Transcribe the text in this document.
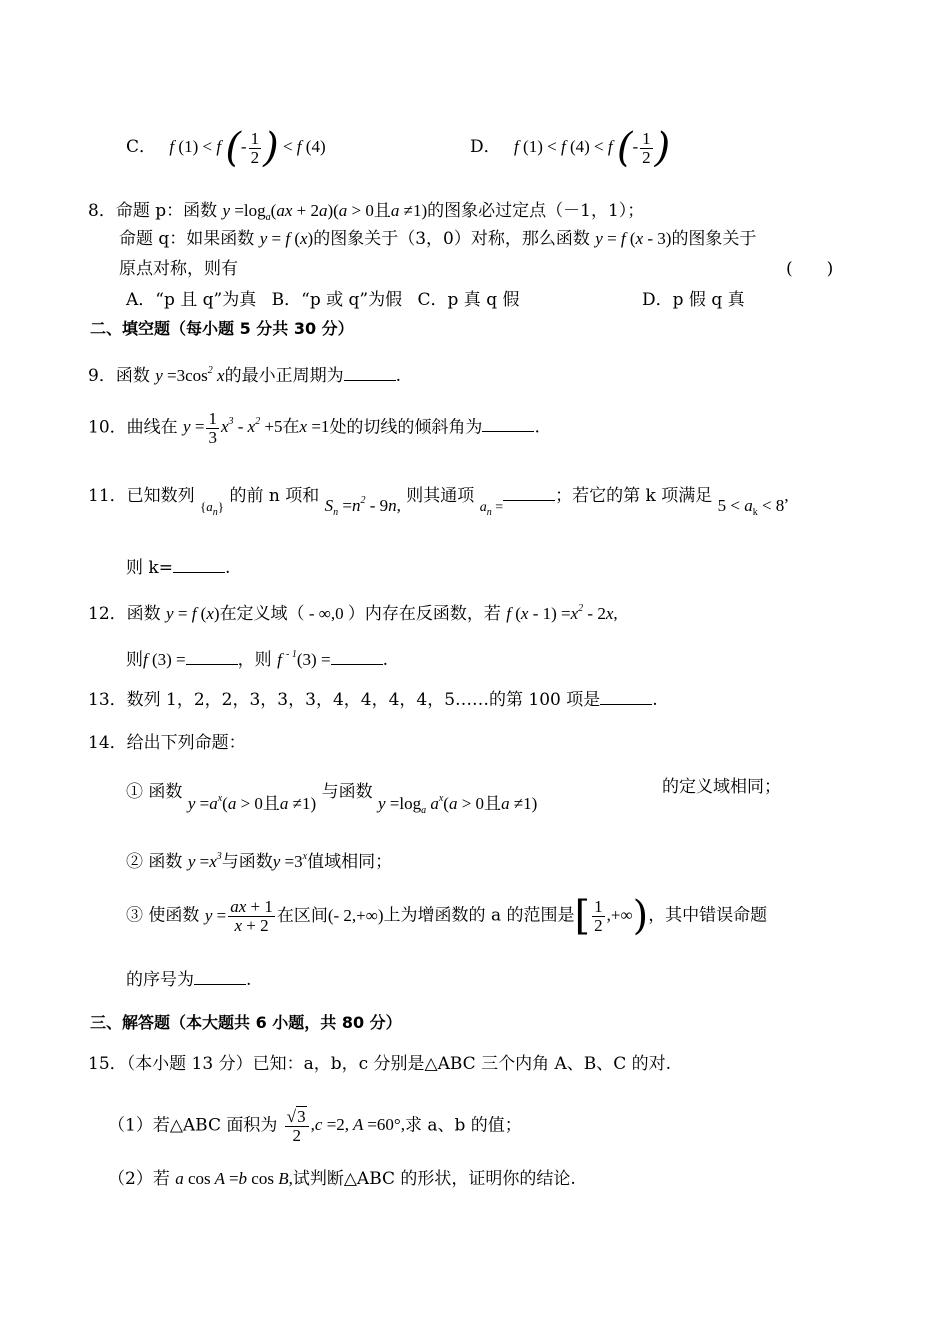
C． f (1) < f (- $\frac{1}{2}$ ) < f (4)	D． f (1) < f (4) < f (- $\frac{1}{2}$ )
8．命题 p：函数 $y =\log_a(ax + 2a)(a > 0$且a ≠1)的图象必过定点（－1，1）；
命题 q：如果函数 y = f (x)的图象关于（3，0）对称，那么函数 y = f (x - 3)的图象关于
原点对称，则有	(　　)
A．“p 且 q”为真 B．“p 或 q”为假 C．p 真 q 假	D．p 假 q 真
二、填空题（每小题 5 分共 30 分）
9．函数 $y =3\cos^2$ x的最小正周期为	.
10．曲线在 $y = \frac{1}{3} x^3 - x^2 +5$在x =1处的切线的倾斜角为	.
11．已知数列 $_{\{a_n\}}$ 的前 n 项和 $S_n =n^2 - 9n$, 则其通项 $_{a_n =}$；若它的第 k 项满足 $5 < a_k < 8$,
则 k=	.
12．函数 y = f (x)在定义域（ - ∞,0 ）内存在反函数，若 f $(x - 1) =x^2 - 2x$,
则f (3) =	，则 f $^{- 1}$(3) =	.
13．数列 1，2，2，3，3，3，4，4，4，4，5……的第 100 项是	.
14．给出下列命题：
① 函数 $y =a^x(a > 0$且a ≠1) 与函数 $y =\log_a$ $a^x(a > 0$且a ≠1)
的定义域相同；
② 函数 $y =x^3$与函数$y =3^x$值域相同；
③ 使函数 $y = \frac{ax + 1}{x + 2}$ 在区间(- 2,+∞)上为增函数的 a 的范围是[ $\frac{1}{2}$ ,+∞)，其中错误命题
的序号为	.
三、解答题（本大题共 6 小题，共 80 分）
15．（本小题 13 分）已知：a，b，c 分别是△ABC 三个内角 A、B、C 的对.
（1）若△ABC 面积为 $\frac{√3}{2} ,c =2$, A =60°,求 a、b 的值；
（2）若 a cos A =b cos B,试判断△ABC 的形状，证明你的结论.
